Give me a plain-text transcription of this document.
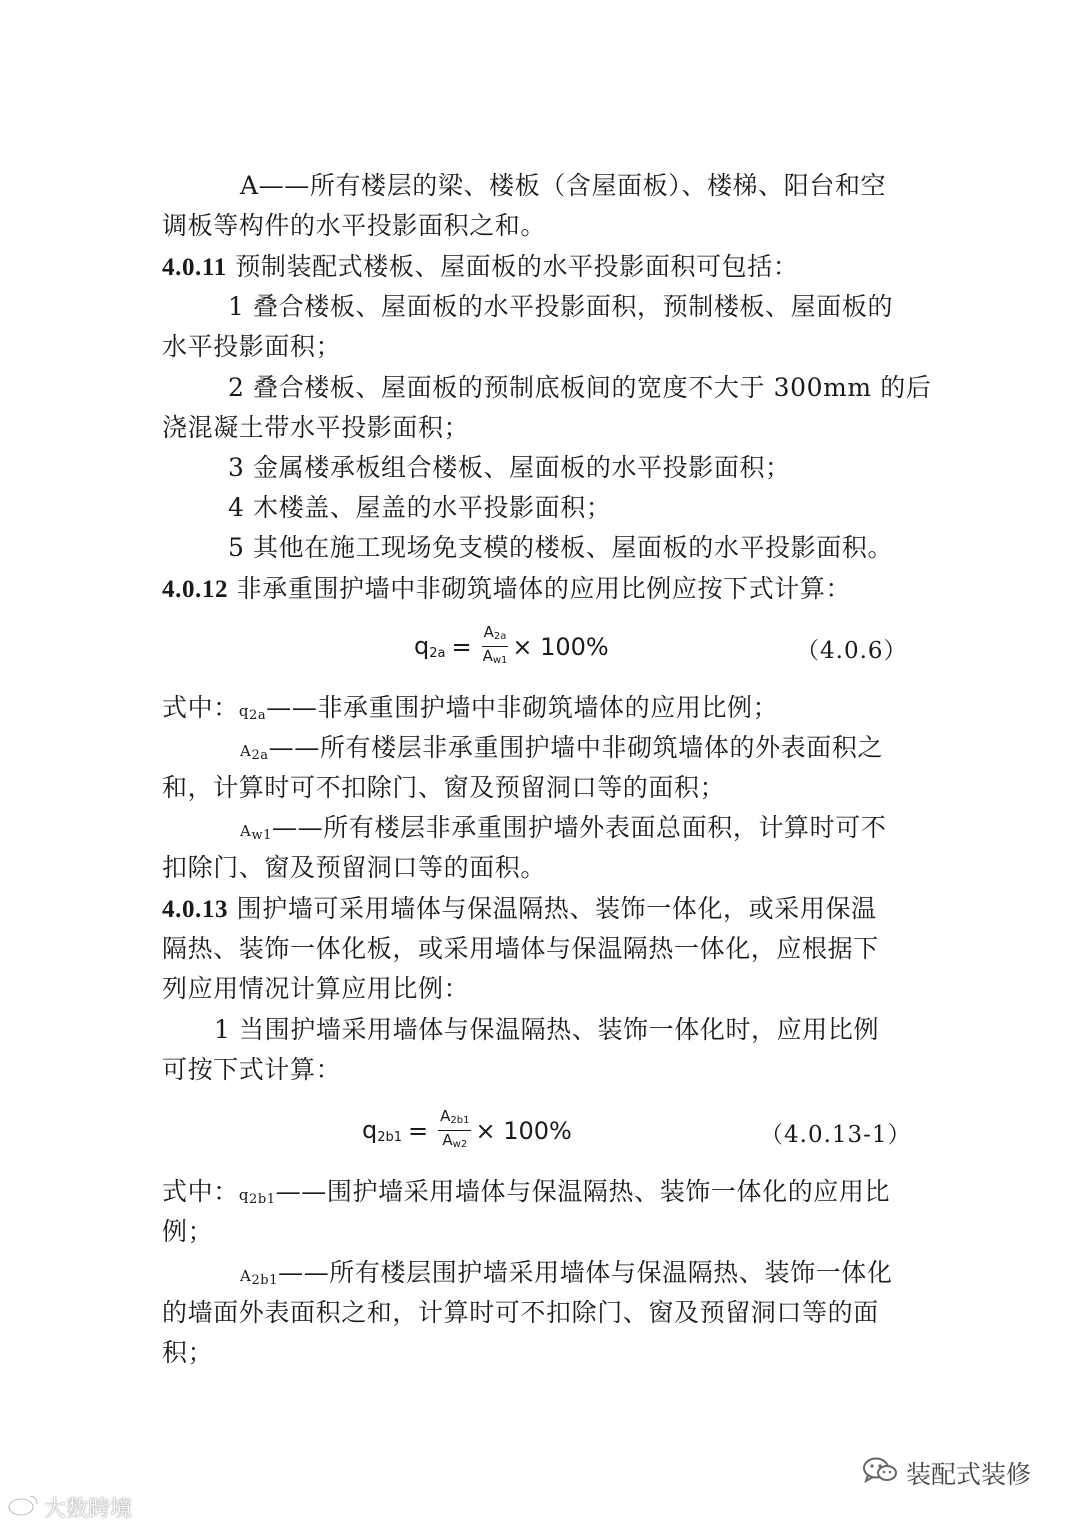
A——所有楼层的梁、楼板（含屋面板）、楼梯、阳台和空
调板等构件的水平投影面积之和。
4.0.11 预制装配式楼板、屋面板的水平投影面积可包括：
1 叠合楼板、屋面板的水平投影面积，预制楼板、屋面板的
水平投影面积；
2 叠合楼板、屋面板的预制底板间的宽度不大于 300mm 的后
浇混凝土带水平投影面积；
3 金属楼承板组合楼板、屋面板的水平投影面积；
4 木楼盖、屋盖的水平投影面积；
5 其他在施工现场免支模的楼板、屋面板的水平投影面积。
4.0.12 非承重围护墙中非砌筑墙体的应用比例应按下式计算：
$q_{2a} = \frac{A2a}{Aw1} \times 100\%$	（4.0.6）
式中：$q_{2a}——$非承重围护墙中非砌筑墙体的应用比例；
$A_{2a}——$所有楼层非承重围护墙中非砌筑墙体的外表面积之
和，计算时可不扣除门、窗及预留洞口等的面积；
$A_{w1}——$所有楼层非承重围护墙外表面总面积，计算时可不
扣除门、窗及预留洞口等的面积。
4.0.13 围护墙可采用墙体与保温隔热、装饰一体化，或采用保温
隔热、装饰一体化板，或采用墙体与保温隔热一体化，应根据下
列应用情况计算应用比例：
1 当围护墙采用墙体与保温隔热、装饰一体化时，应用比例
可按下式计算：
$q_{2b1} = \frac{A2b1}{Aw2} \times 100\%$	（4.0.13-1）
式中：$q_{2b1}——$围护墙采用墙体与保温隔热、装饰一体化的应用比
例；
$A_{2b1}——$所有楼层围护墙采用墙体与保温隔热、装饰一体化
的墙面外表面积之和，计算时可不扣除门、窗及预留洞口等的面
积；
装配式装修
大数跨境
